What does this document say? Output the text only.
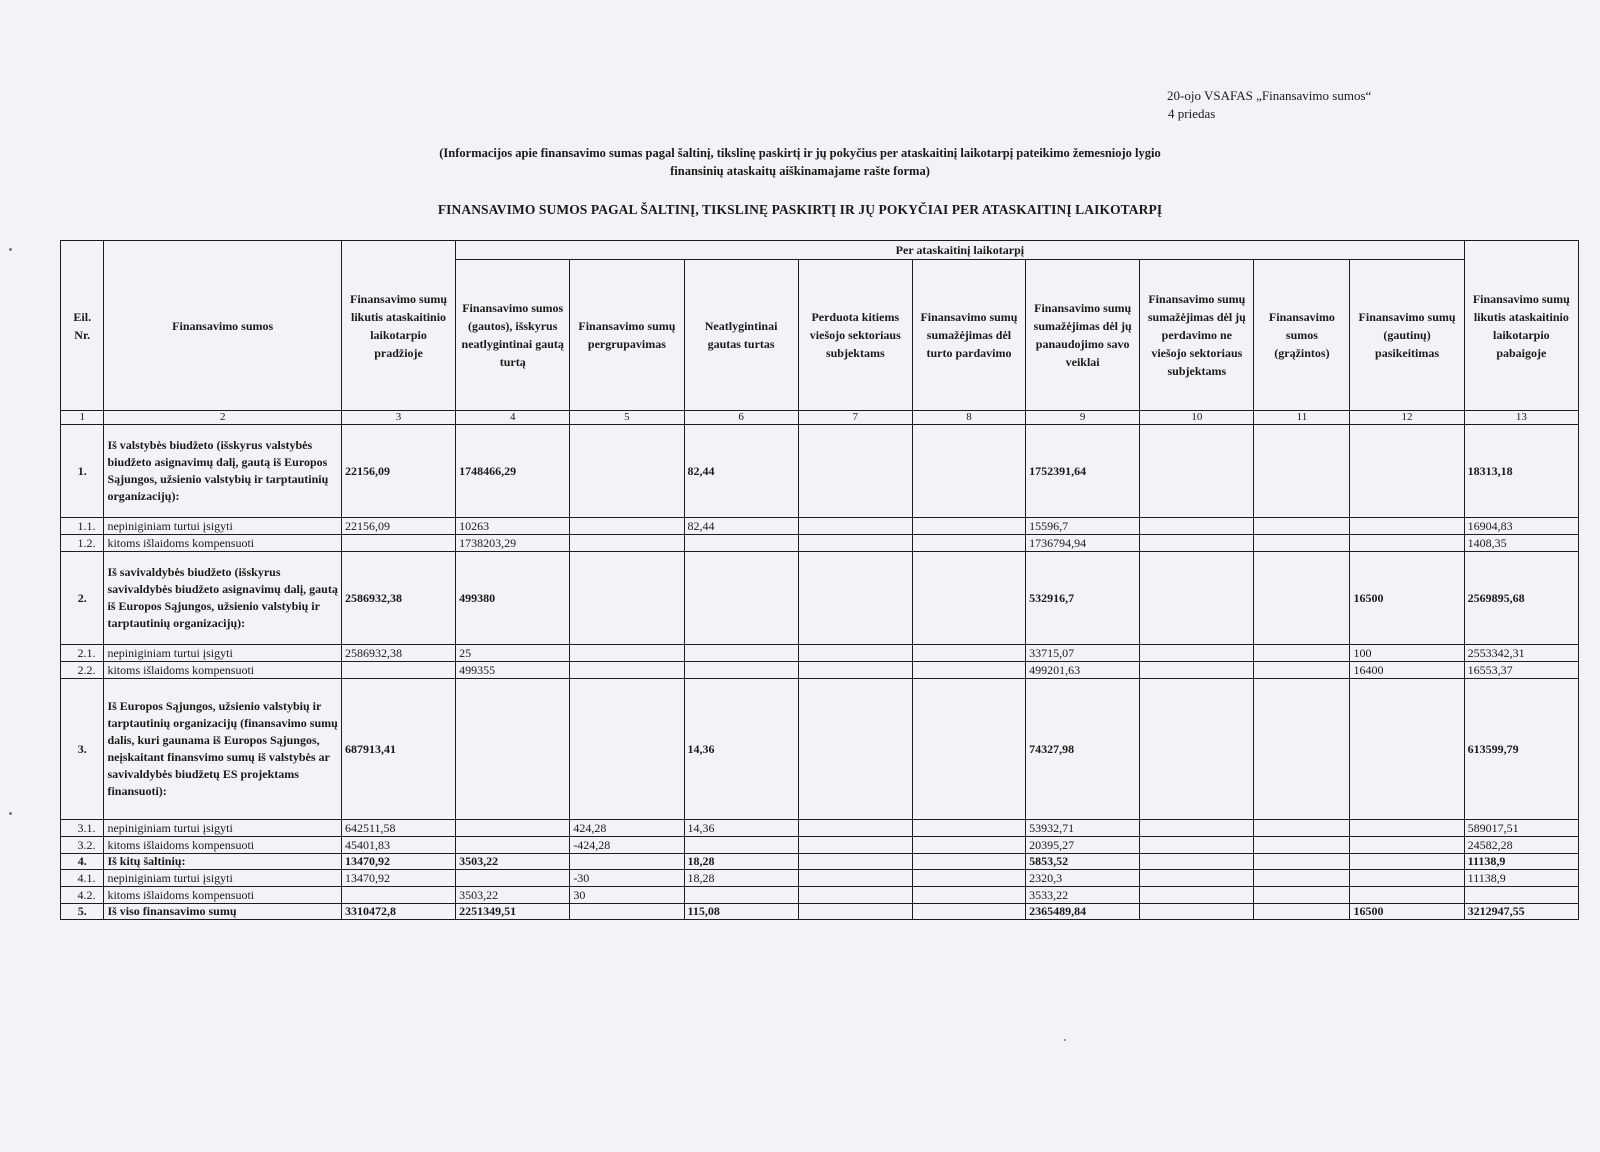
20-ojo VSAFAS „Finansavimo sumos“
4 priedas
(Informacijos apie finansavimo sumas pagal šaltinį, tikslinę paskirtį ir jų pokyčius per ataskaitinį laikotarpį pateikimo žemesniojo lygio
finansinių ataskaitų aiškinamajame rašte forma)
FINANSAVIMO SUMOS PAGAL ŠALTINĮ, TIKSLINĘ PASKIRTĮ IR JŲ POKYČIAI PER ATASKAITINĮ LAIKOTARPĮ
Eil. Nr.	Finansavimo sumos	Finansavimo sumų likutis ataskaitinio laikotarpio pradžioje	Per ataskaitinį laikotarpį									Finansavimo sumų likutis ataskaitinio laikotarpio pabaigoje
			Finansavimo sumos (gautos), išskyrus neatlygintinai gautą turtą	Finansavimo sumų pergrupavimas	Neatlygintinai gautas turtas	Perduota kitiems viešojo sektoriaus subjektams	Finansavimo sumų sumažėjimas dėl turto pardavimo	Finansavimo sumų sumažėjimas dėl jų panaudojimo savo veiklai	Finansavimo sumų sumažėjimas dėl jų perdavimo ne viešojo sektoriaus subjektams	Finansavimo sumos (grąžintos)	Finansavimo sumų (gautinų) pasikeitimas	
1	2	3	4	5	6	7	8	9	10	11	12	13
1.	Iš valstybės biudžeto (išskyrus valstybės biudžeto asignavimų dalį, gautą iš Europos Sąjungos, užsienio valstybių ir tarptautinių organizacijų):	22156,09	1748466,29		82,44			1752391,64				18313,18
1.1.	nepiniginiam turtui įsigyti	22156,09	10263		82,44			15596,7				16904,83
1.2.	kitoms išlaidoms kompensuoti		1738203,29					1736794,94				1408,35
2.	Iš savivaldybės biudžeto (išskyrus savivaldybės biudžeto asignavimų dalį, gautą iš Europos Sąjungos, užsienio valstybių ir tarptautinių organizacijų):	2586932,38	499380					532916,7			16500	2569895,68
2.1.	nepiniginiam turtui įsigyti	2586932,38	25					33715,07			100	2553342,31
2.2.	kitoms išlaidoms kompensuoti		499355					499201,63			16400	16553,37
3.	Iš Europos Sąjungos, užsienio valstybių ir tarptautinių organizacijų (finansavimo sumų dalis, kuri gaunama iš Europos Sąjungos, neįskaitant finansvimo sumų iš valstybės ar savivaldybės biudžetų ES projektams finansuoti):	687913,41			14,36			74327,98				613599,79
3.1.	nepiniginiam turtui įsigyti	642511,58		424,28	14,36			53932,71				589017,51
3.2.	kitoms išlaidoms kompensuoti	45401,83		-424,28				20395,27				24582,28
4.	Iš kitų šaltinių:	13470,92	3503,22		18,28			5853,52				11138,9
4.1.	nepiniginiam turtui įsigyti	13470,92		-30	18,28			2320,3				11138,9
4.2.	kitoms išlaidoms kompensuoti		3503,22	30				3533,22				
5.	Iš viso finansavimo sumų	3310472,8	2251349,51		115,08			2365489,84			16500	3212947,55
